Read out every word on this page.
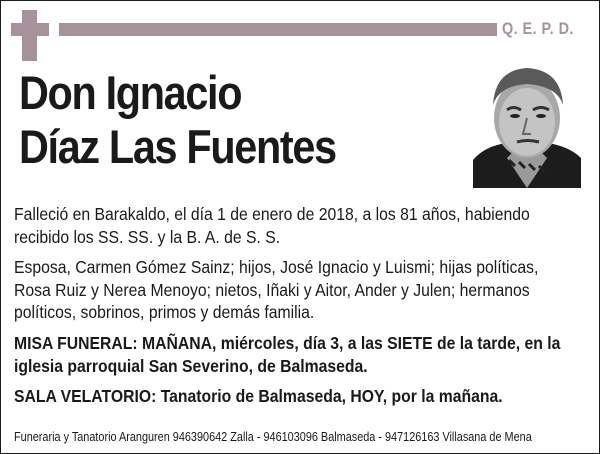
Q. E. P. D.
Don Ignacio
Díaz Las Fuentes
Falleció en Barakaldo, el día 1 de enero de 2018, a los 81 años, habiendo recibido los SS. SS. y la B. A. de S. S.
Esposa, Carmen Gómez Sainz; hijos, José Ignacio y Luismi; hijas políticas, Rosa Ruiz y Nerea Menoyo; nietos, Iñaki y Aitor, Ander y Julen; hermanos políticos, sobrinos, primos y demás familia.
MISA FUNERAL: MAÑANA, miércoles, día 3, a las SIETE de la tarde, en la iglesia parroquial San Severino, de Balmaseda.
SALA VELATORIO: Tanatorio de Balmaseda, HOY, por la mañana.
Funeraria y Tanatorio Aranguren 946390642 Zalla - 946103096 Balmaseda - 947126163 Villasana de Mena
